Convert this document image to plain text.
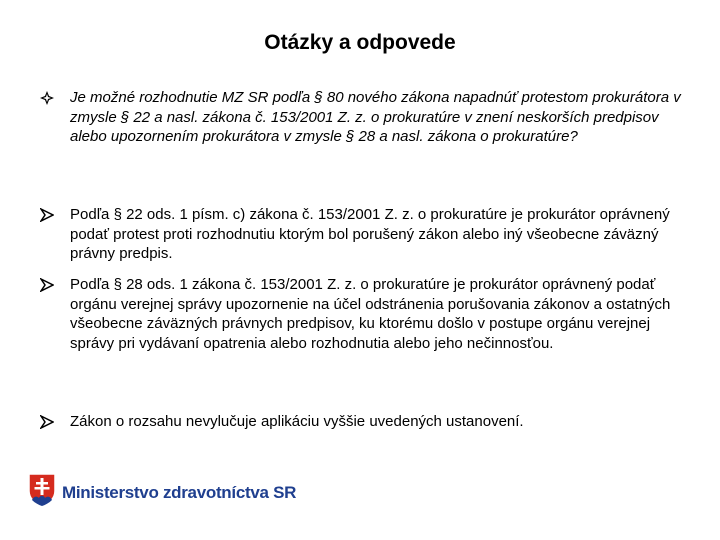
Otázky a odpovede
Je možné rozhodnutie MZ SR podľa § 80 nového zákona napadnúť protestom prokurátora v zmysle § 22 a nasl. zákona č. 153/2001 Z. z. o prokuratúre v znení neskorších predpisov alebo upozornením prokurátora v zmysle § 28 a nasl. zákona o prokuratúre?
Podľa § 22 ods. 1 písm. c) zákona č. 153/2001 Z. z. o prokuratúre je prokurátor oprávnený podať protest proti rozhodnutiu ktorým bol porušený zákon alebo iný všeobecne záväzný právny predpis.
Podľa § 28 ods. 1 zákona č. 153/2001 Z. z. o prokuratúre je prokurátor oprávnený podať orgánu verejnej správy upozornenie na účel odstránenia porušovania zákonov a ostatných všeobecne záväzných právnych predpisov, ku ktorému došlo v postupe orgánu verejnej správy pri vydávaní opatrenia alebo rozhodnutia alebo jeho nečinnosťou.
Zákon o rozsahu nevylučuje aplikáciu vyššie uvedených ustanovení.
Ministerstvo zdravotníctva SR
